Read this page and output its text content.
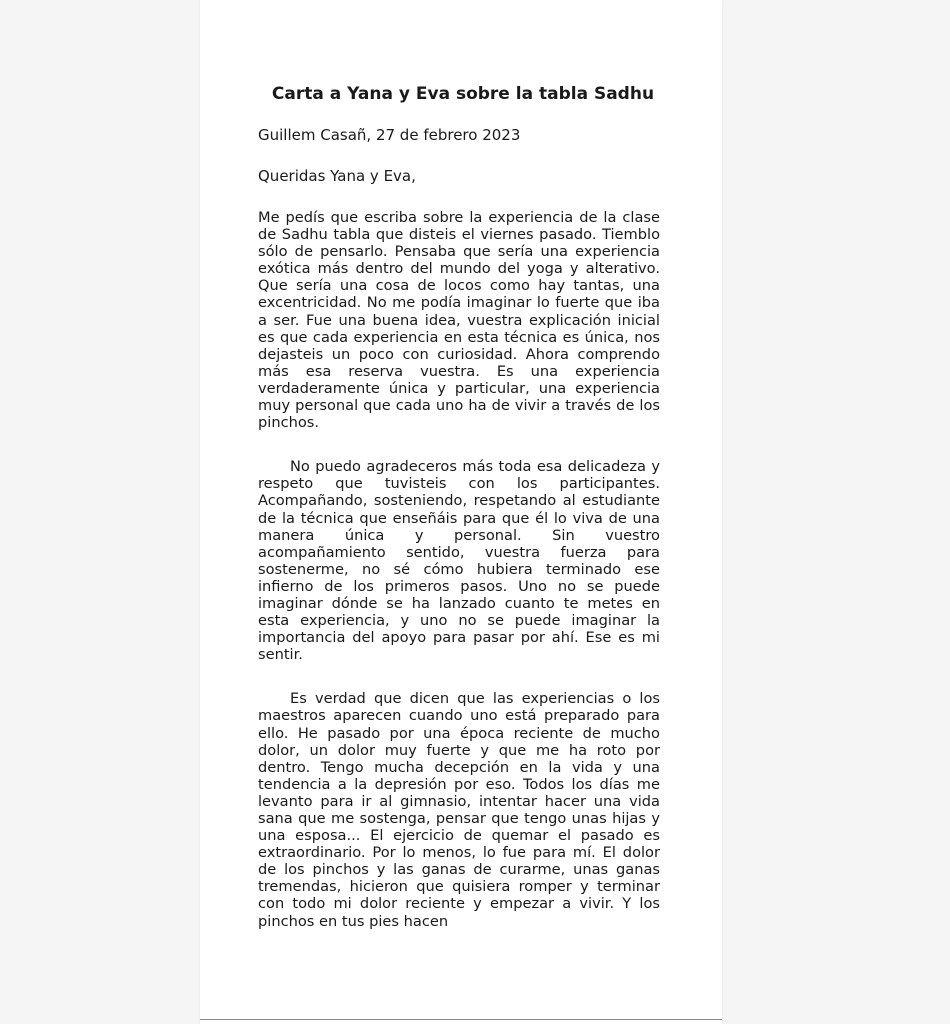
Carta a Yana y Eva sobre la tabla Sadhu

Guillem Casañ, 27 de febrero 2023

Queridas Yana y Eva,

Me pedís que escriba sobre la experiencia de la clase de Sadhu tabla que disteis el viernes pasado. Tiemblo sólo de pensarlo. Pensaba que sería una experiencia exótica más dentro del mundo del yoga y alterativo. Que sería una cosa de locos como hay tantas, una excentricidad. No me podía imaginar lo fuerte que iba a ser. Fue una buena idea, vuestra explicación inicial es que cada experiencia en esta técnica es única, nos dejasteis un poco con curiosidad. Ahora comprendo más esa reserva vuestra. Es una experiencia verdaderamente única y particular, una experiencia muy personal que cada uno ha de vivir a través de los pinchos.

No puedo agradeceros más toda esa delicadeza y respeto que tuvisteis con los participantes. Acompañando, sosteniendo, respetando al estudiante de la técnica que enseñáis para que él lo viva de una manera única y personal. Sin vuestro acompañamiento sentido, vuestra fuerza para sostenerme, no sé cómo hubiera terminado ese infierno de los primeros pasos. Uno no se puede imaginar dónde se ha lanzado cuanto te metes en esta experiencia, y uno no se puede imaginar la importancia del apoyo para pasar por ahí. Ese es mi sentir.

Es verdad que dicen que las experiencias o los maestros aparecen cuando uno está preparado para ello. He pasado por una época reciente de mucho dolor, un dolor muy fuerte y que me ha roto por dentro. Tengo mucha decepción en la vida y una tendencia a la depresión por eso. Todos los días me levanto para ir al gimnasio, intentar hacer una vida sana que me sostenga, pensar que tengo unas hijas y una esposa... El ejercicio de quemar el pasado es extraordinario. Por lo menos, lo fue para mí. El dolor de los pinchos y las ganas de curarme, unas ganas tremendas, hicieron que quisiera romper y terminar con todo mi dolor reciente y empezar a vivir. Y los pinchos en tus pies hacen
